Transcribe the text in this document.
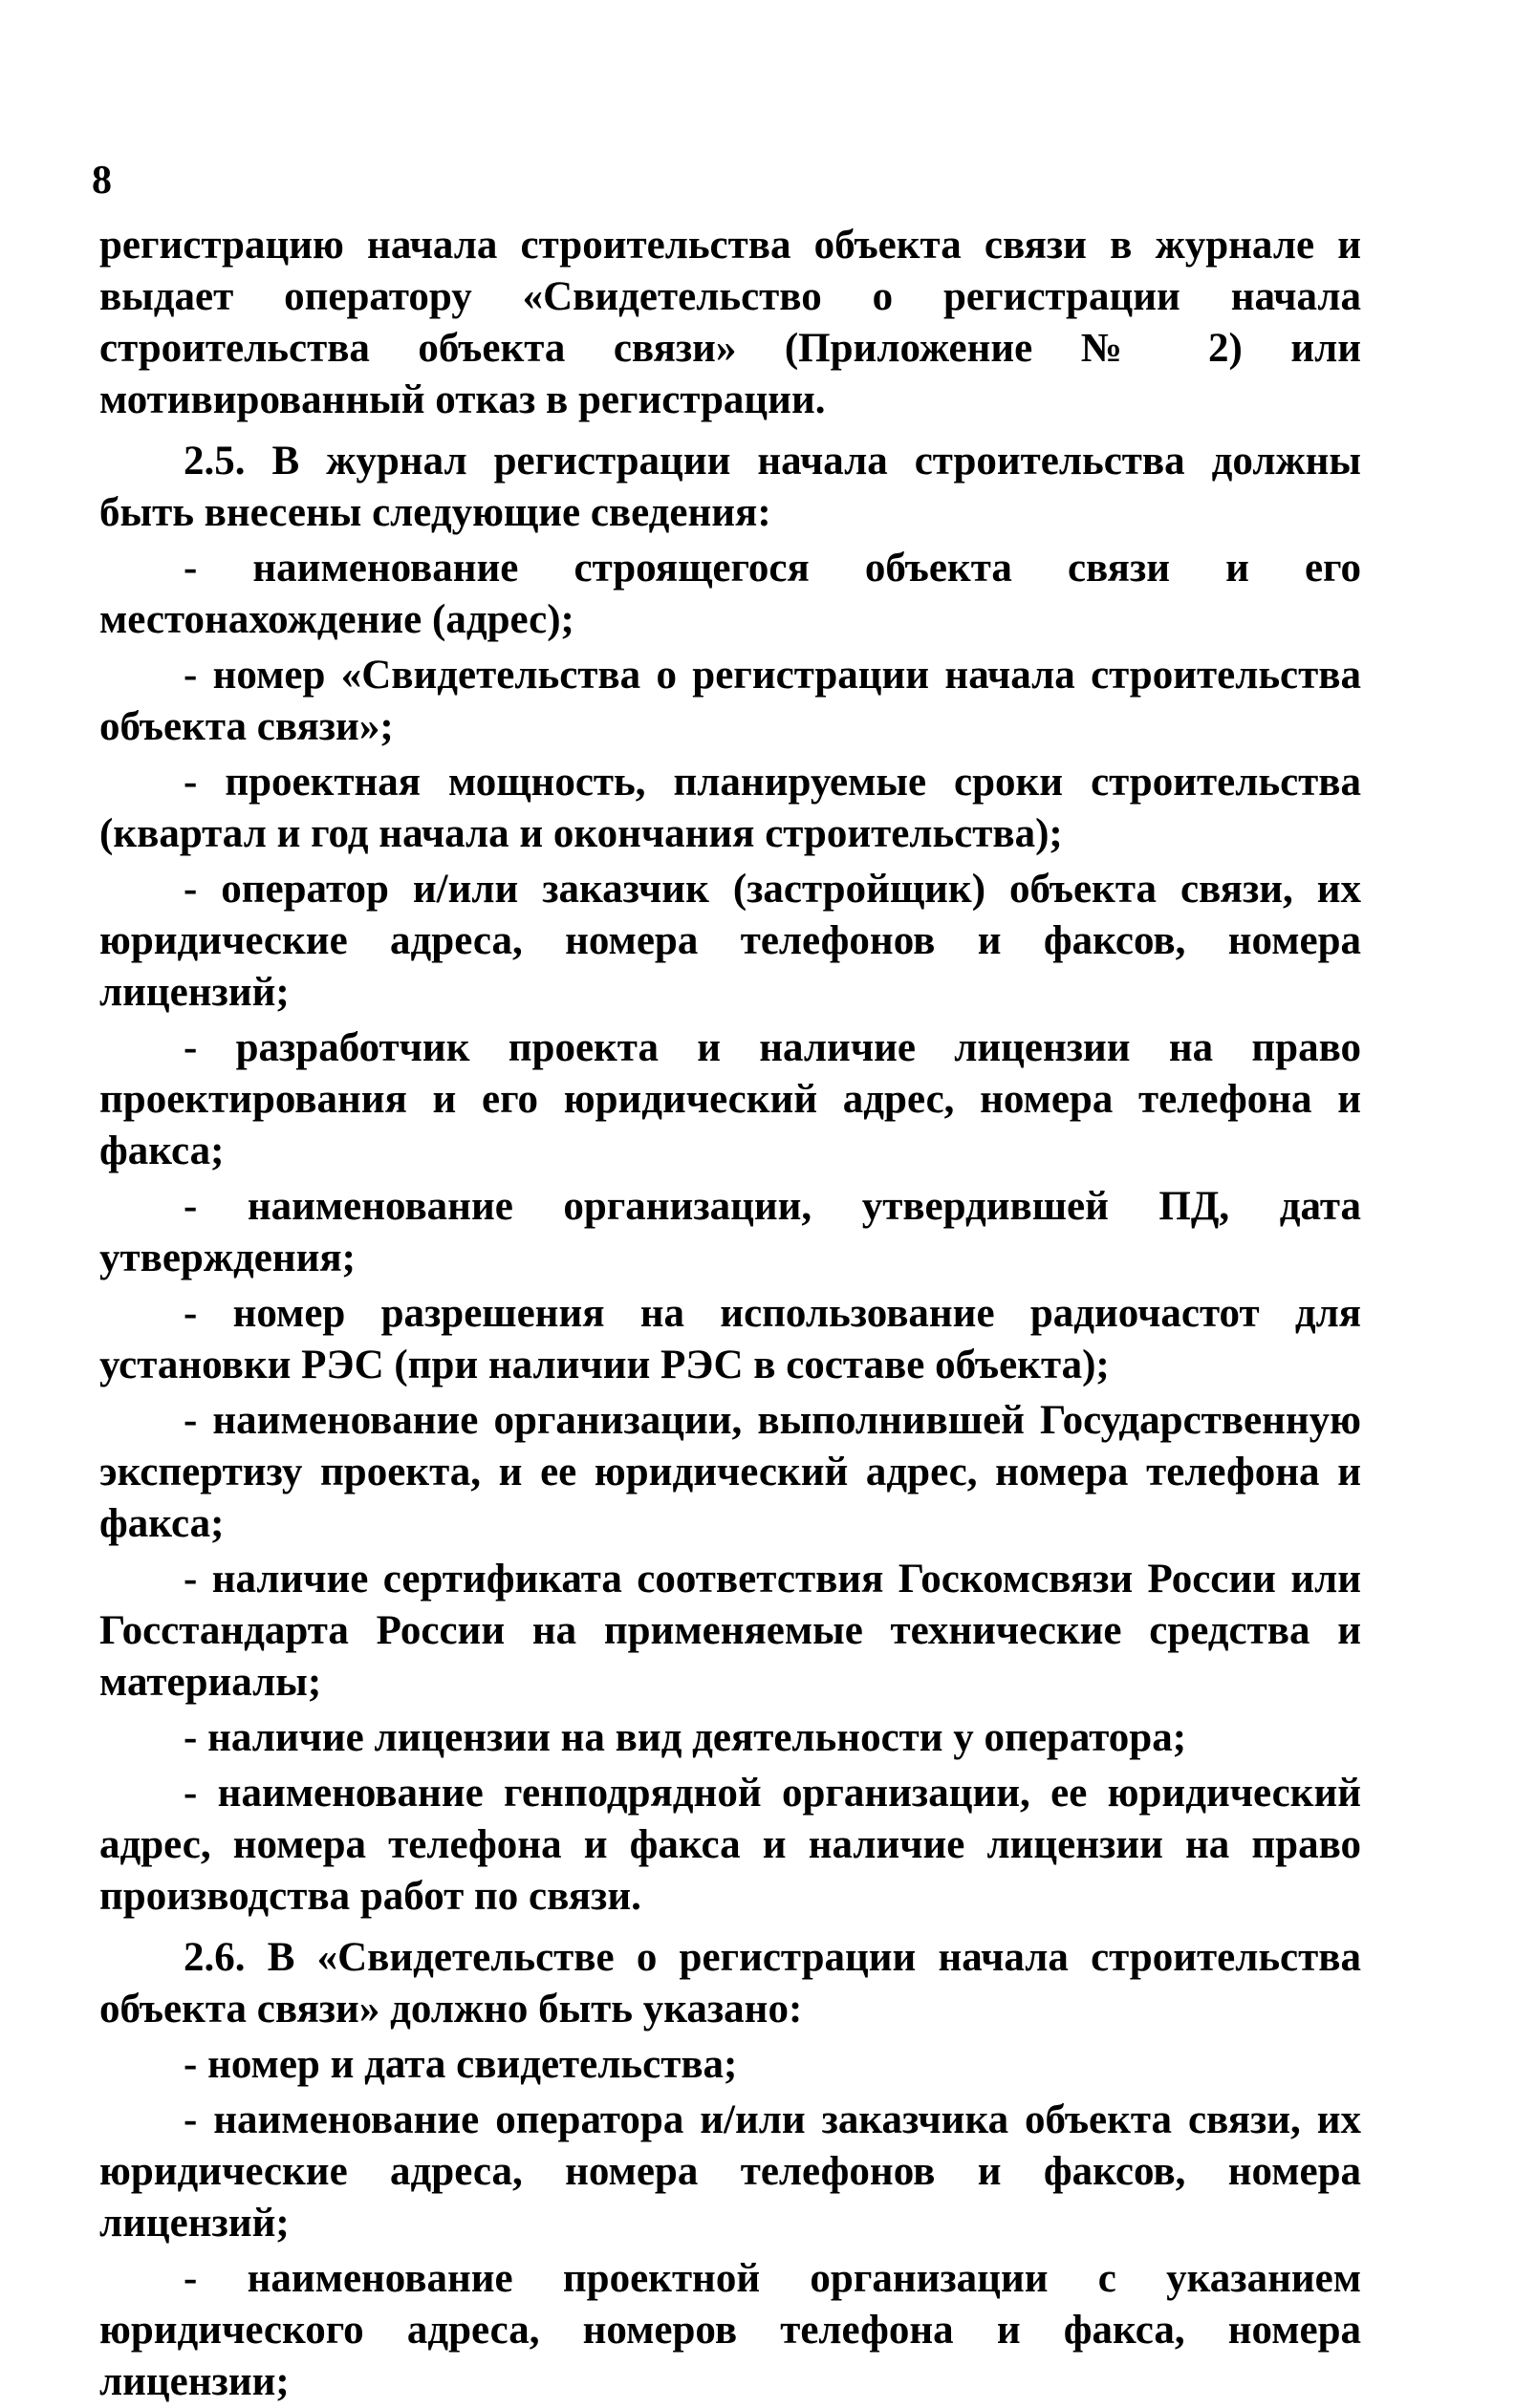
8

регистрацию начала строительства объекта связи в журнале и выдает оператору «Свидетельство о регистрации начала строительства объекта связи» (Приложение № 2) или мотивированный отказ в регистрации.

2.5. В журнал регистрации начала строительства должны быть внесены следующие сведения:

- наименование строящегося объекта связи и его местонахождение (адрес);

- номер «Свидетельства о регистрации начала строительства объекта связи»;

- проектная мощность, планируемые сроки строительства (квартал и год начала и окончания строительства);

- оператор и/или заказчик (застройщик) объекта связи, их юридические адреса, номера телефонов и факсов, номера лицензий;

- разработчик проекта и наличие лицензии на право проектирования и его юридический адрес, номера телефона и факса;

- наименование организации, утвердившей ПД, дата утверждения;

- номер разрешения на использование радиочастот для установки РЭС (при наличии РЭС в составе объекта);

- наименование организации, выполнившей Государственную экспертизу проекта, и ее юридический адрес, номера телефона и факса;

- наличие сертификата соответствия Госкомсвязи России или Госстандарта России на применяемые технические средства и материалы;

- наличие лицензии на вид деятельности у оператора;

- наименование генподрядной организации, ее юридический адрес, номера телефона и факса и наличие лицензии на право производства работ по связи.

2.6. В «Свидетельстве о регистрации начала строительства объекта связи» должно быть указано:

- номер и дата свидетельства;

- наименование оператора и/или заказчика объекта связи, их юридические адреса, номера телефонов и факсов, номера лицензий;

- наименование проектной организации с указанием юридического адреса, номеров телефона и факса, номера лицензии;
